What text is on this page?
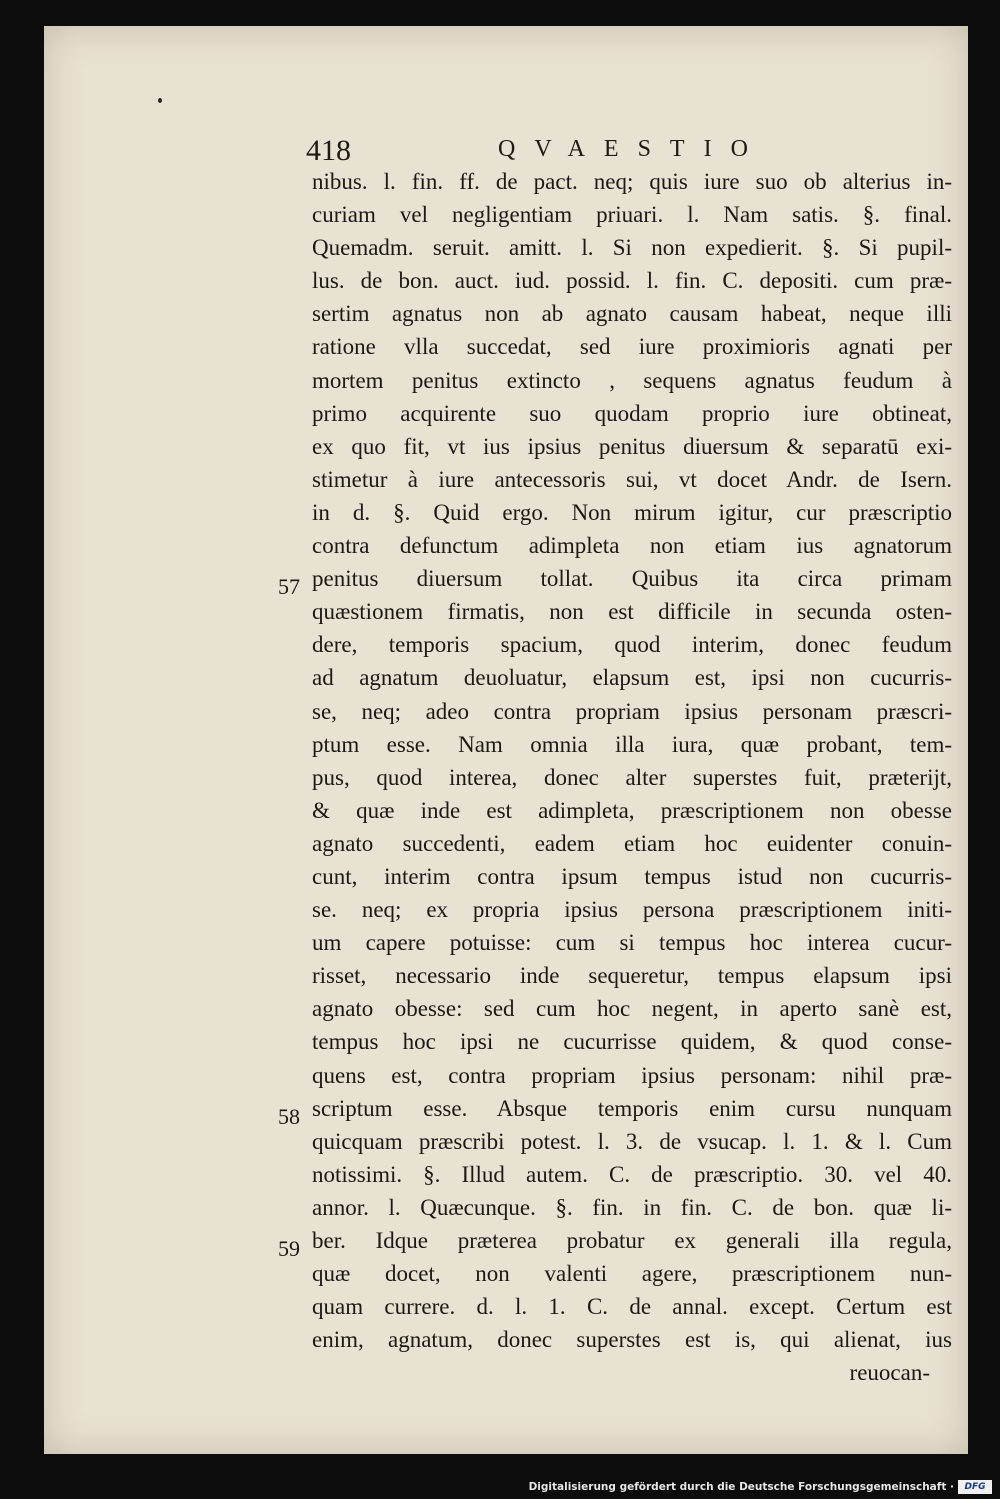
418	QVAESTIO
nibus. l. fin. ff. de pact. neq; quis iure suo ob alterius in-
curiam vel negligentiam priuari. l. Nam satis. §. final.
Quemadm. seruit. amitt. l. Si non expedierit. §. Si pupil-
lus. de bon. auct. iud. possid. l. fin. C. depositi. cum præ-
sertim agnatus non ab agnato causam habeat, neque illi
ratione vlla succedat, sed iure proximioris agnati per
mortem penitus extincto , sequens agnatus feudum à
primo acquirente suo quodam proprio iure obtineat,
ex quo fit, vt ius ipsius penitus diuersum & separatū exi-
stimetur à iure antecessoris sui, vt docet Andr. de Isern.
in d. §. Quid ergo. Non mirum igitur, cur præscriptio
contra defunctum adimpleta non etiam ius agnatorum
57 penitus diuersum tollat. Quibus ita circa primam
quæstionem firmatis, non est difficile in secunda osten-
dere, temporis spacium, quod interim, donec feudum
ad agnatum deuoluatur, elapsum est, ipsi non cucurris-
se, neq; adeo contra propriam ipsius personam præscri-
ptum esse. Nam omnia illa iura, quæ probant, tem-
pus, quod interea, donec alter superstes fuit, præterijt,
& quæ inde est adimpleta, præscriptionem non obesse
agnato succedenti, eadem etiam hoc euidenter conuin-
cunt, interim contra ipsum tempus istud non cucurris-
se. neq; ex propria ipsius persona præscriptionem initi-
um capere potuisse: cum si tempus hoc interea cucur-
risset, necessario inde sequeretur, tempus elapsum ipsi
agnato obesse: sed cum hoc negent, in aperto sanè est,
tempus hoc ipsi ne cucurrisse quidem, & quod conse-
quens est, contra propriam ipsius personam: nihil præ-
58 scriptum esse. Absque temporis enim cursu nunquam
quicquam præscribi potest. l. 3. de vsucap. l. 1. & l. Cum
notissimi. §. Illud autem. C. de præscriptio. 30. vel 40.
annor. l. Quæcunque. §. fin. in fin. C. de bon. quæ li-
59 ber. Idque præterea probatur ex generali illa regula,
quæ docet, non valenti agere, præscriptionem nun-
quam currere. d. l. 1. C. de annal. except. Certum est
enim, agnatum, donec superstes est is, qui alienat, ius
reuocan-
Digitalisierung gefördert durch die Deutsche Forschungsgemeinschaft ·	DFG
